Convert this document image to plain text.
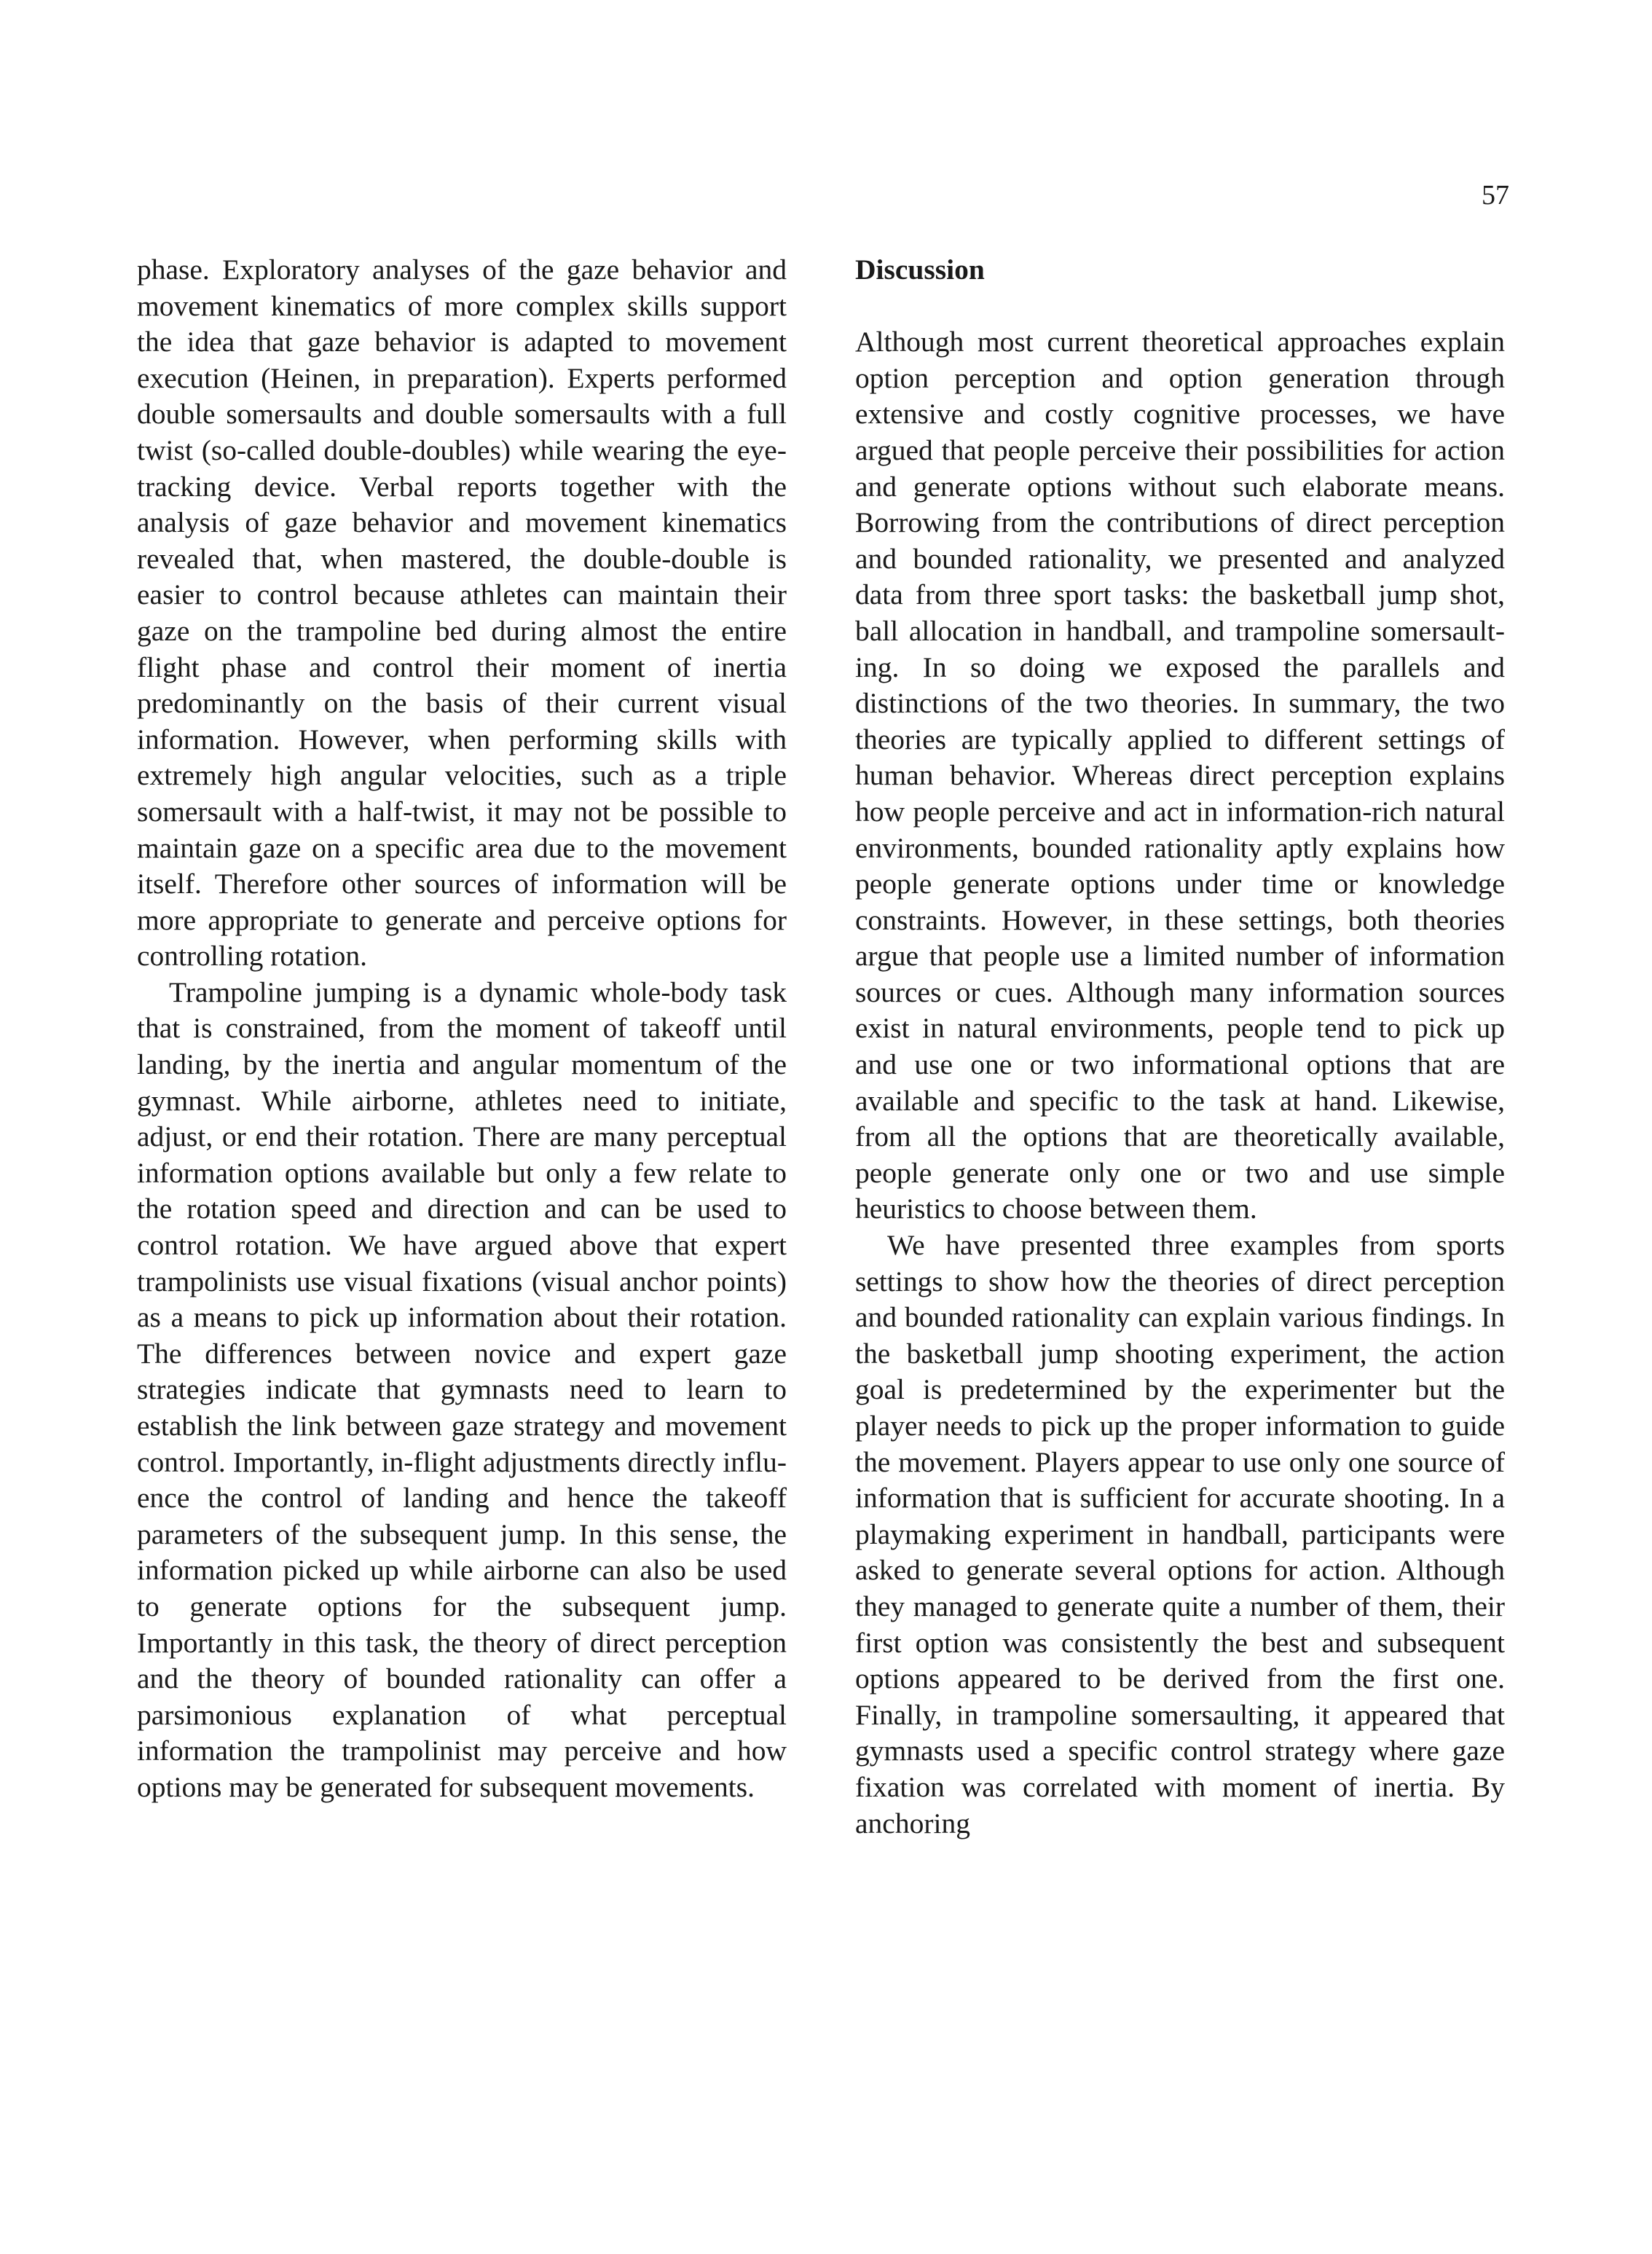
57

phase. Exploratory analyses of the gaze behavior and movement kinematics of more complex skills support the idea that gaze behavior is adapted to movement execution (Heinen, in preparation). Experts performed double somersaults and double somersaults with a full twist (so-called double-doubles) while wearing the eye-tracking device. Verbal reports together with the analysis of gaze behavior and movement kinematics revealed that, when mastered, the double-double is easier to control because athletes can maintain their gaze on the trampoline bed during almost the entire flight phase and control their moment of inertia predominantly on the basis of their current visual information. However, when performing skills with extremely high angular velocities, such as a triple somersault with a half-twist, it may not be possible to maintain gaze on a specific area due to the movement itself. Therefore other sources of information will be more appropriate to generate and perceive options for controlling rotation.

Trampoline jumping is a dynamic whole-body task that is constrained, from the moment of takeoff until landing, by the inertia and angular momentum of the gymnast. While airborne, athletes need to initiate, adjust, or end their rotation. There are many perceptual information options available but only a few relate to the rotation speed and direction and can be used to control rotation. We have argued above that expert trampolinists use visual fixations (visual anchor points) as a means to pick up information about their rotation. The differences between novice and expert gaze strategies indicate that gymnasts need to learn to establish the link between gaze strategy and movement control. Importantly, in-flight adjustments directly influence the control of landing and hence the takeoff parameters of the subsequent jump. In this sense, the information picked up while airborne can also be used to generate options for the subsequent jump. Importantly in this task, the theory of direct perception and the theory of bounded rationality can offer a parsimonious explanation of what perceptual information the trampolinist may perceive and how options may be generated for subsequent movements.

Discussion

Although most current theoretical approaches explain option perception and option generation through extensive and costly cognitive processes, we have argued that people perceive their possibilities for action and generate options without such elaborate means. Borrowing from the contributions of direct perception and bounded rationality, we presented and analyzed data from three sport tasks: the basketball jump shot, ball allocation in handball, and trampoline somersaulting. In so doing we exposed the parallels and distinctions of the two theories. In summary, the two theories are typically applied to different settings of human behavior. Whereas direct perception explains how people perceive and act in information-rich natural environments, bounded rationality aptly explains how people generate options under time or knowledge constraints. However, in these settings, both theories argue that people use a limited number of information sources or cues. Although many information sources exist in natural environments, people tend to pick up and use one or two informational options that are available and specific to the task at hand. Likewise, from all the options that are theoretically available, people generate only one or two and use simple heuristics to choose between them.

We have presented three examples from sports settings to show how the theories of direct perception and bounded rationality can explain various findings. In the basketball jump shooting experiment, the action goal is predetermined by the experimenter but the player needs to pick up the proper information to guide the movement. Players appear to use only one source of information that is sufficient for accurate shooting. In a playmaking experiment in handball, participants were asked to generate several options for action. Although they managed to generate quite a number of them, their first option was consistently the best and subsequent options appeared to be derived from the first one. Finally, in trampoline somersaulting, it appeared that gymnasts used a specific control strategy where gaze fixation was correlated with moment of inertia. By anchoring
